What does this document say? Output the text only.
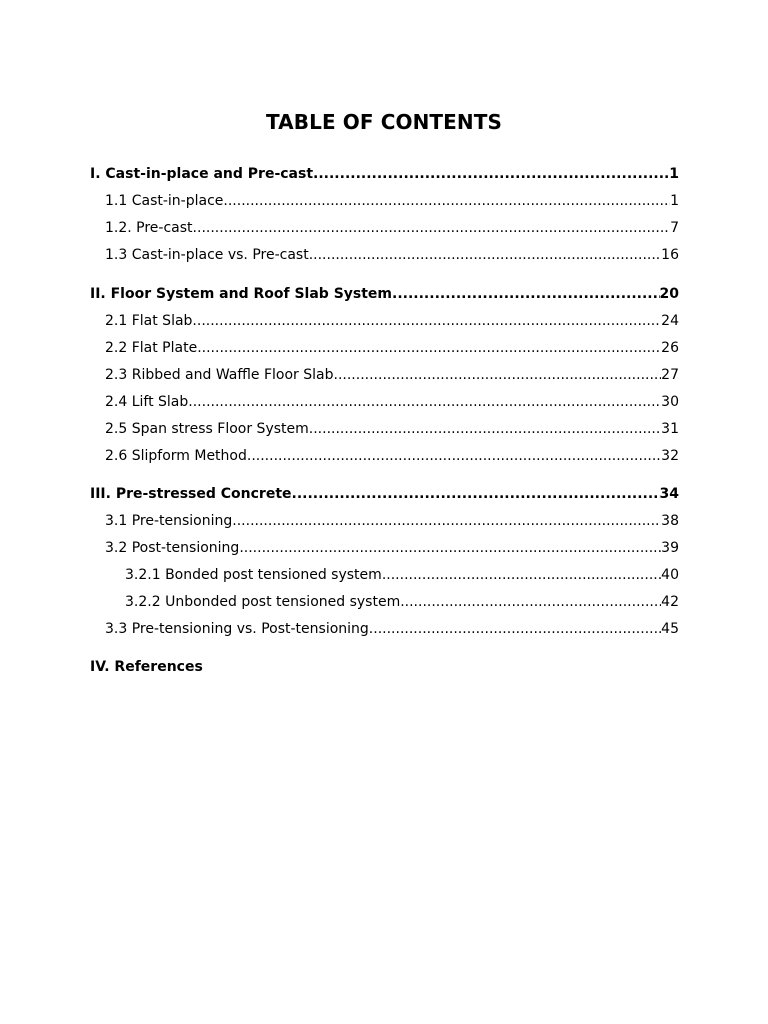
TABLE OF CONTENTS
I. Cast-in-place and Pre-cast .....	1
1.1 Cast-in-place .....	1
1.2. Pre-cast .....	7
1.3 Cast-in-place vs. Pre-cast .....	16
II. Floor System and Roof Slab System .....	20
2.1 Flat Slab .....	24
2.2 Flat Plate .....	26
2.3 Ribbed and Waffle Floor Slab .....	27
2.4 Lift Slab .....	30
2.5 Span stress Floor System .....	31
2.6 Slipform Method .....	32
III. Pre-stressed Concrete .....	34
3.1 Pre-tensioning .....	38
3.2 Post-tensioning .....	39
3.2.1 Bonded post tensioned system .....	40
3.2.2 Unbonded post tensioned system .....	42
3.3 Pre-tensioning vs. Post-tensioning .....	45
IV. References
